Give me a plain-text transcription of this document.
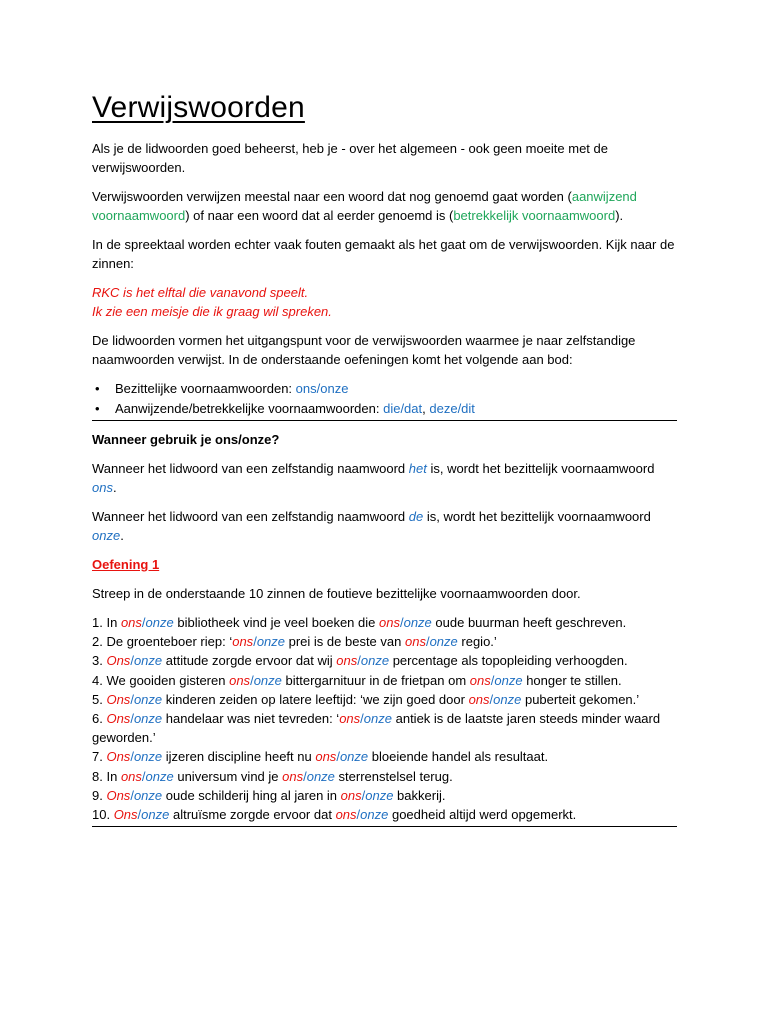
Verwijswoorden

Als je de lidwoorden goed beheerst, heb je - over het algemeen - ook geen moeite met de verwijswoorden.

Verwijswoorden verwijzen meestal naar een woord dat nog genoemd gaat worden (aanwijzend voornaamwoord) of naar een woord dat al eerder genoemd is (betrekkelijk voornaamwoord).

In de spreektaal worden echter vaak fouten gemaakt als het gaat om de verwijswoorden. Kijk naar de zinnen:

RKC is het elftal die vanavond speelt.
Ik zie een meisje die ik graag wil spreken.

De lidwoorden vormen het uitgangspunt voor de verwijswoorden waarmee je naar zelfstandige naamwoorden verwijst. In de onderstaande oefeningen komt het volgende aan bod:

• Bezittelijke voornaamwoorden: ons/onze
• Aanwijzende/betrekkelijke voornaamwoorden: die/dat, deze/dit

Wanneer gebruik je ons/onze?

Wanneer het lidwoord van een zelfstandig naamwoord het is, wordt het bezittelijk voornaamwoord ons.

Wanneer het lidwoord van een zelfstandig naamwoord de is, wordt het bezittelijk voornaamwoord onze.

Oefening 1

Streep in de onderstaande 10 zinnen de foutieve bezittelijke voornaamwoorden door.

1. In ons/onze bibliotheek vind je veel boeken die ons/onze oude buurman heeft geschreven.
2. De groenteboer riep: ‘ons/onze prei is de beste van ons/onze regio.’
3. Ons/onze attitude zorgde ervoor dat wij ons/onze percentage als topopleiding verhoogden.
4. We gooiden gisteren ons/onze bittergarnituur in de frietpan om ons/onze honger te stillen.
5. Ons/onze kinderen zeiden op latere leeftijd: ‘we zijn goed door ons/onze puberteit gekomen.’
6. Ons/onze handelaar was niet tevreden: ‘ons/onze antiek is de laatste jaren steeds minder waard geworden.’
7. Ons/onze ijzeren discipline heeft nu ons/onze bloeiende handel als resultaat.
8. In ons/onze universum vind je ons/onze sterrenstelsel terug.
9. Ons/onze oude schilderij hing al jaren in ons/onze bakkerij.
10. Ons/onze altruïsme zorgde ervoor dat ons/onze goedheid altijd werd opgemerkt.
